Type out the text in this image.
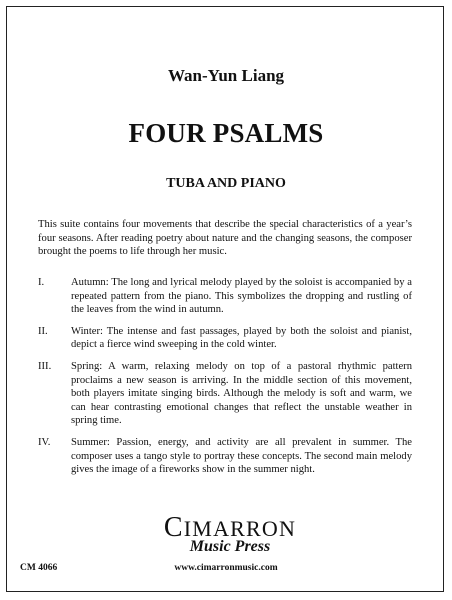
Wan-Yun Liang
FOUR PSALMS
TUBA AND PIANO

This suite contains four movements that describe the special characteristics of a year’s four seasons. After reading poetry about nature and the changing seasons, the composer brought the poems to life through her music.

I.	Autumn: The long and lyrical melody played by the soloist is accompanied by a repeated pattern from the piano. This symbolizes the dropping and rustling of the leaves from the wind in autumn.

II.	Winter: The intense and fast passages, played by both the soloist and pianist, depict a fierce wind sweeping in the cold winter.

III.	Spring: A warm, relaxing melody on top of a pastoral rhythmic pattern proclaims a new season is arriving. In the middle section of this movement, both players imitate singing birds. Although the melody is soft and warm, we can hear contrasting emotional changes that reflect the unstable weather in spring time.

IV.	Summer: Passion, energy, and activity are all prevalent in summer. The composer uses a tango style to portray these concepts. The second main melody gives the image of a fireworks show in the summer night.

CIMARRON
Music Press
CM 4066	www.cimarronmusic.com
